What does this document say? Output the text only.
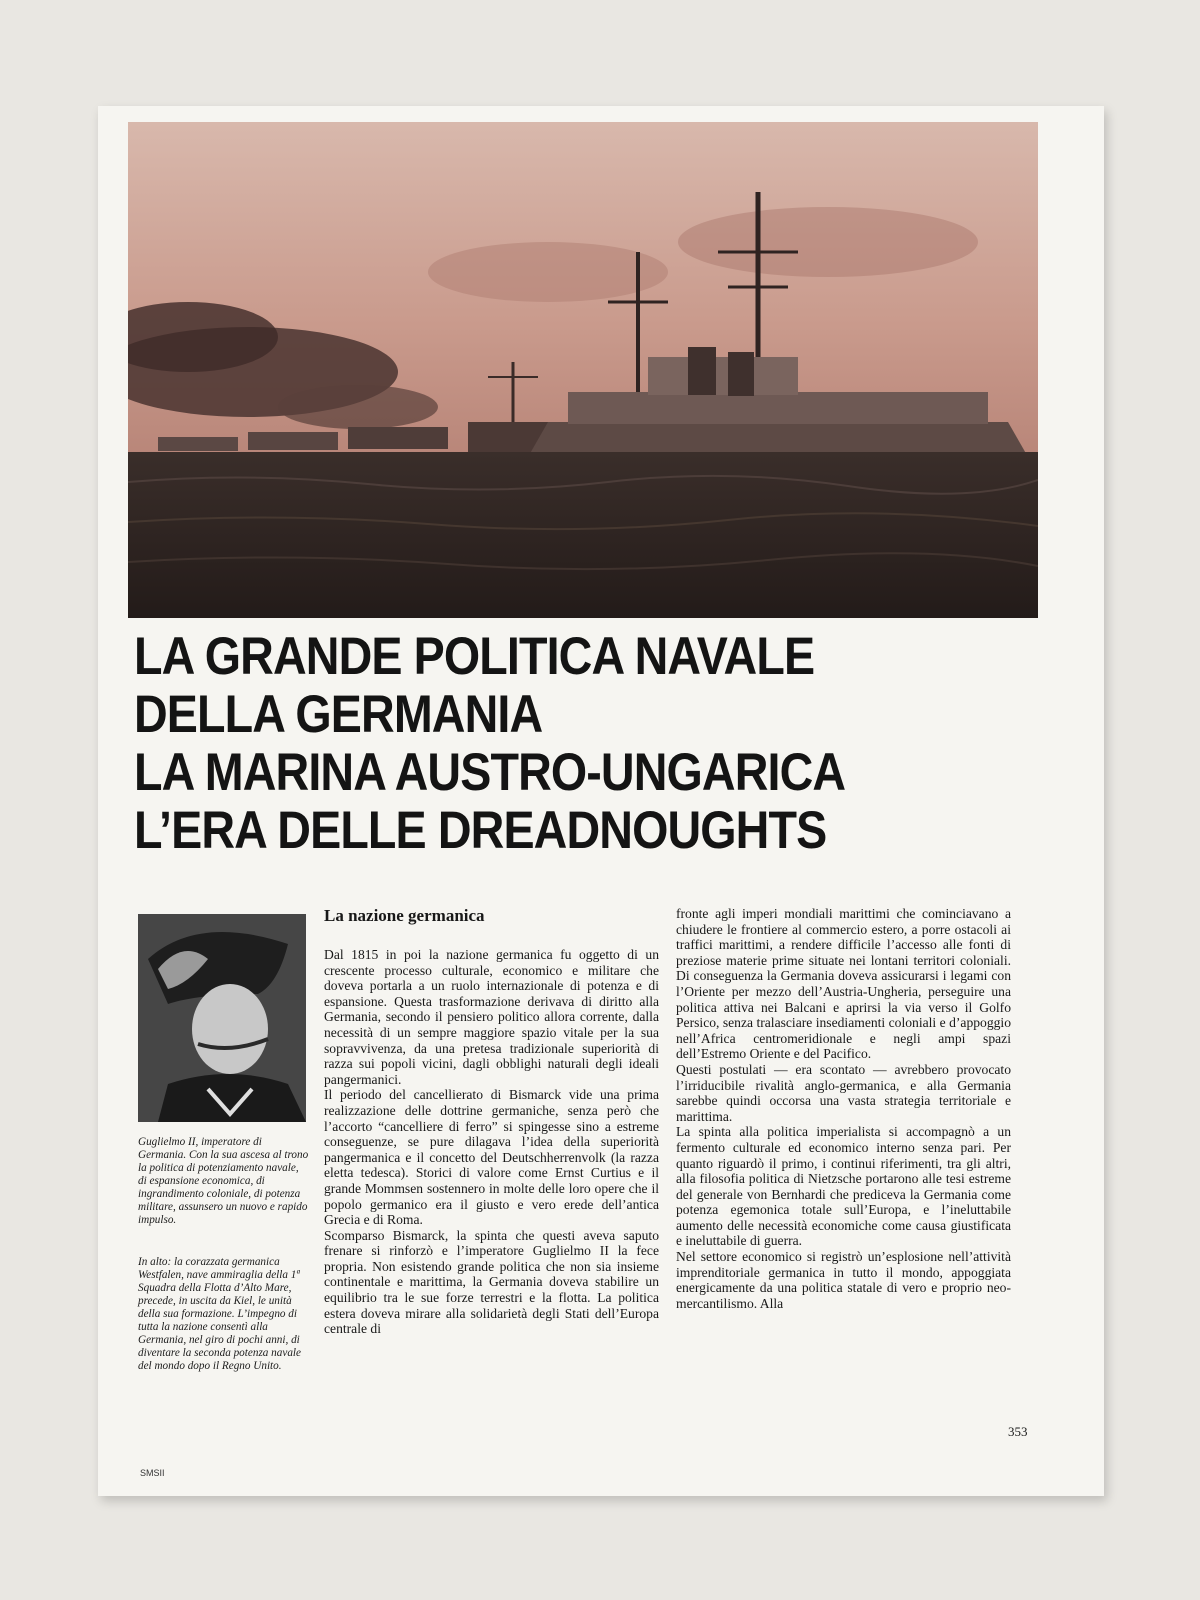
LA GRANDE POLITICA NAVALE
DELLA GERMANIA
LA MARINA AUSTRO-UNGARICA
L’ERA DELLE DREADNOUGHTS

Guglielmo II, imperatore di Germania. Con la sua ascesa al trono la politica di potenziamento navale, di espansione economica, di ingrandimento coloniale, di potenza militare, assunsero un nuovo e rapido impulso.

In alto: la corazzata germanica Westfalen, nave ammiraglia della 1ª Squadra della Flotta d’Alto Mare, precede, in uscita da Kiel, le unità della sua formazione. L’impegno di tutta la nazione consentì alla Germania, nel giro di pochi anni, di diventare la seconda potenza navale del mondo dopo il Regno Unito.

La nazione germanica

Dal 1815 in poi la nazione germanica fu oggetto di un crescente processo culturale, economico e militare che doveva portarla a un ruolo internazionale di potenza e di espansione. Questa trasformazione derivava di diritto alla Germania, secondo il pensiero politico allora corrente, dalla necessità di un sempre maggiore spazio vitale per la sua sopravvivenza, da una pretesa tradizionale superiorità di razza sui popoli vicini, dagli obblighi naturali degli ideali pangermanici.

Il periodo del cancellierato di Bismarck vide una prima realizzazione delle dottrine germaniche, senza però che l’accorto “cancelliere di ferro” si spingesse sino a estreme conseguenze, se pure dilagava l’idea della superiorità pangermanica e il concetto del Deutschherrenvolk (la razza eletta tedesca). Storici di valore come Ernst Curtius e il grande Mommsen sostennero in molte delle loro opere che il popolo germanico era il giusto e vero erede dell’antica Grecia e di Roma.

Scomparso Bismarck, la spinta che questi aveva saputo frenare si rinforzò e l’imperatore Guglielmo II la fece propria. Non esistendo grande politica che non sia insieme continentale e marittima, la Germania doveva stabilire un equilibrio tra le sue forze terrestri e la flotta. La politica estera doveva mirare alla solidarietà degli Stati dell’Europa centrale di

fronte agli imperi mondiali marittimi che cominciavano a chiudere le frontiere al commercio estero, a porre ostacoli ai traffici marittimi, a rendere difficile l’accesso alle fonti di preziose materie prime situate nei lontani territori coloniali. Di conseguenza la Germania doveva assicurarsi i legami con l’Oriente per mezzo dell’Austria-Ungheria, perseguire una politica attiva nei Balcani e aprirsi la via verso il Golfo Persico, senza tralasciare insediamenti coloniali e d’appoggio nell’Africa centromeridionale e negli ampi spazi dell’Estremo Oriente e del Pacifico.

Questi postulati — era scontato — avrebbero provocato l’irriducibile rivalità anglo-germanica, e alla Germania sarebbe quindi occorsa una vasta strategia territoriale e marittima.

La spinta alla politica imperialista si accompagnò a un fermento culturale ed economico interno senza pari. Per quanto riguardò il primo, i continui riferimenti, tra gli altri, alla filosofia politica di Nietzsche portarono alle tesi estreme del generale von Bernhardi che prediceva la Germania come potenza egemonica totale sull’Europa, e l’ineluttabile aumento delle necessità economiche come causa giustificata e ineluttabile di guerra.

Nel settore economico si registrò un’esplosione nell’attività imprenditoriale germanica in tutto il mondo, appoggiata energicamente da una politica statale di vero e proprio neo-mercantilismo. Alla

353
SMSII
